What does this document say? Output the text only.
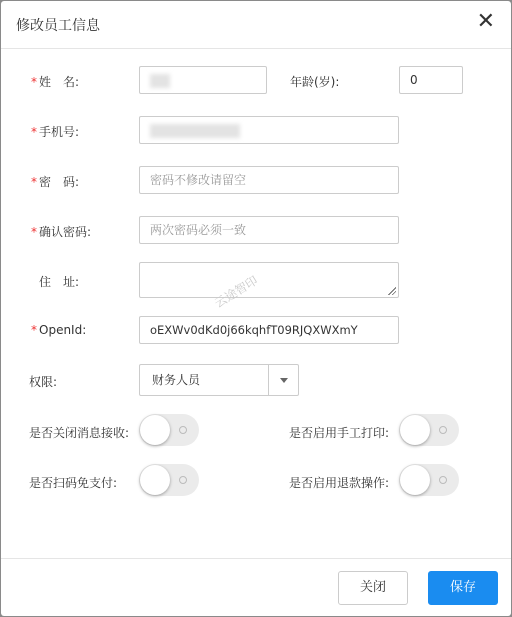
修改员工信息	✕
* 姓　名:	年龄(岁):	0
* 手机号:
* 密　码:	密码不修改请留空
* 确认密码:	两次密码必须一致
住　址:
* OpenId:	oEXWv0dKd0j66kqhfT09RJQXWXmY
云途智印
权限:	财务人员
是否关闭消息接收:	是否启用手工打印:
是否扫码免支付:	是否启用退款操作:
关闭	保存
